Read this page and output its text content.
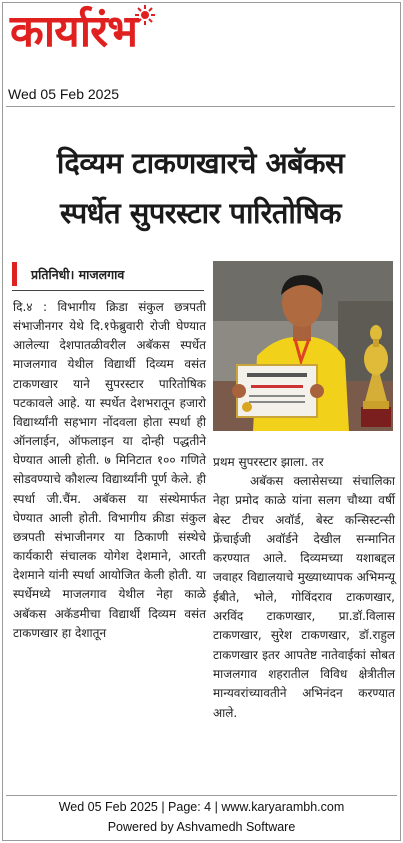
कार्यारंभ
Wed 05 Feb 2025
दिव्यम टाकणखारचे अबॅकस
स्पर्धेत सुपरस्टार पारितोषिक
प्रतिनिधी। माजलगाव
दि.४ : विभागीय क्रिडा संकुल छत्रपती संभाजीनगर येथे दि.१फेब्रुवारी रोजी घेण्यात आलेल्या देशपातळीवरील अबॅकस स्पर्धेत माजलगाव येथील विद्यार्थी दिव्यम वसंत टाकणखार याने सुपरस्टार पारितोषिक पटकावले आहे. या स्पर्धेत देशभरातून हजारो विद्यार्थ्यांनी सहभाग नोंदवला होता स्पर्धा ही ऑनलाईन, ऑफलाइन या दोन्ही पद्धतीने घेण्यात आली होती. ७ मिनिटात १०० गणिते सोडवण्याचे कौशल्य विद्यार्थ्यांनी पूर्ण केले. ही स्पर्धा जी.चैंम. अबॅकस या संस्थेमार्फत घेण्यात आली होती. विभागीय क्रीडा संकुल छत्रपती संभाजीनगर या ठिकाणी संस्थेचे कार्यकारी संचालक योगेश देशमाने, आरती देशमाने यांनी स्पर्धा आयोजित केली होती. या स्पर्धेमध्ये माजलगाव येथील नेहा काळे अबॅकस अकॅडमीचा विद्यार्थी दिव्यम वसंत टाकणखार हा देशातून
प्रथम सुपरस्टार झाला. तर
अबॅकस क्लासेसच्या संचालिका नेहा प्रमोद काळे यांना सलग चौथ्या वर्षी बेस्ट टीचर अवॉर्ड, बेस्ट कन्सिस्टन्सी फ्रेंचाईजी अवॉर्डने देखील सन्मानित करण्यात आले. दिव्यमच्या यशाबद्दल जवाहर विद्यालयाचे मुख्याध्यापक अभिमन्यू ईबीते, भोले, गोविंदराव टाकणखार, अरविंद टाकणखार, प्रा.डॉ.विलास टाकणखार, सुरेश टाकणखार, डॉ.राहुल टाकणखार इतर आपतेष्ट नातेवाईकां सोबत माजलगाव शहरातील विविध क्षेत्रीतील मान्यवरांच्यावतीने अभिनंदन करण्यात आले.
Wed 05 Feb 2025 | Page: 4 | www.karyarambh.com
Powered by Ashvamedh Software
